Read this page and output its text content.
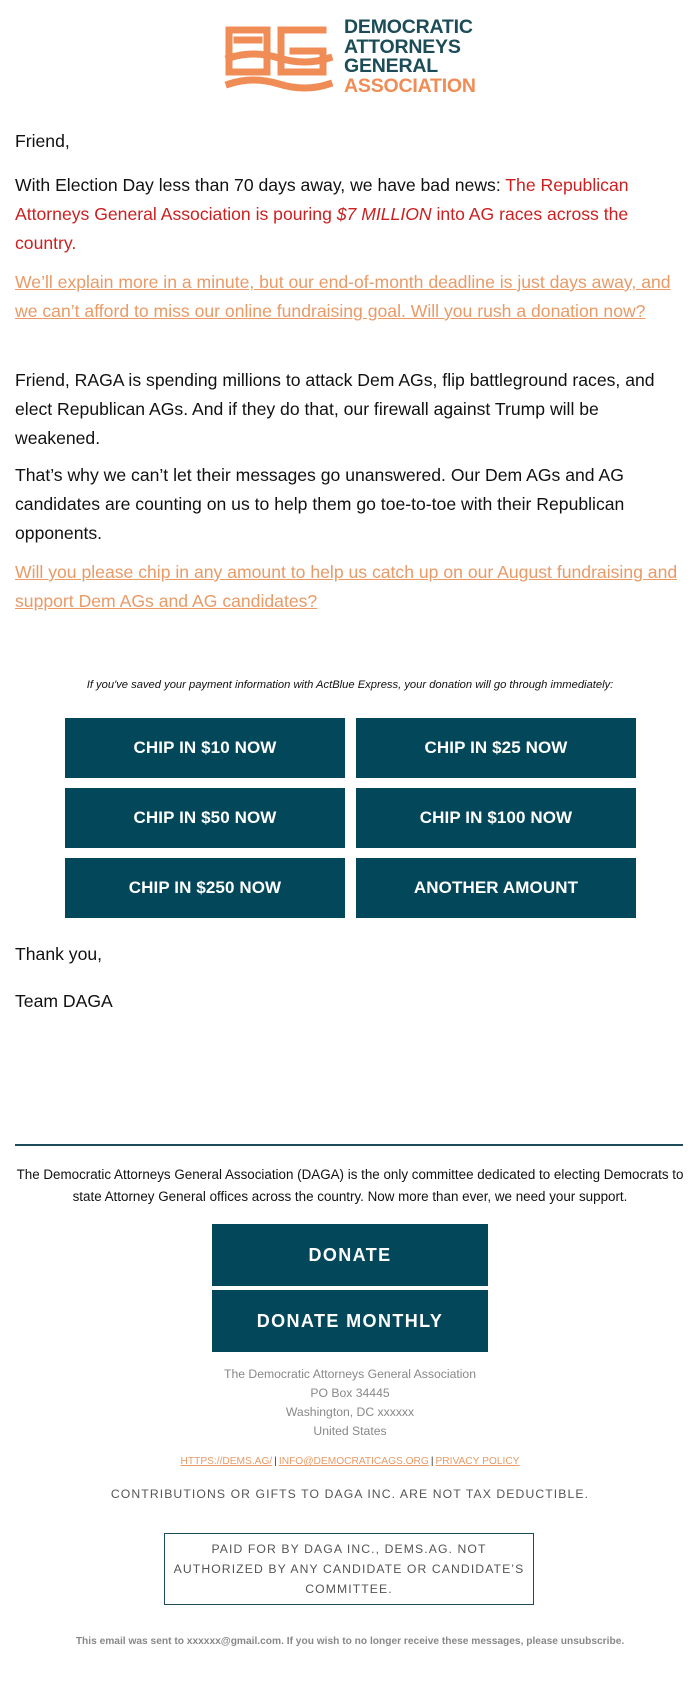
DEMOCRATIC
ATTORNEYS
GENERAL
ASSOCIATION

Friend,

With Election Day less than 70 days away, we have bad news: The Republican Attorneys General Association is pouring $7 MILLION into AG races across the country.

We’ll explain more in a minute, but our end-of-month deadline is just days away, and we can’t afford to miss our online fundraising goal. Will you rush a donation now?

Friend, RAGA is spending millions to attack Dem AGs, flip battleground races, and elect Republican AGs. And if they do that, our firewall against Trump will be weakened.

That’s why we can’t let their messages go unanswered. Our Dem AGs and AG candidates are counting on us to help them go toe-to-toe with their Republican opponents.

Will you please chip in any amount to help us catch up on our August fundraising and support Dem AGs and AG candidates?

If you've saved your payment information with ActBlue Express, your donation will go through immediately:
CHIP IN $10 NOW	CHIP IN $25 NOW
CHIP IN $50 NOW	CHIP IN $100 NOW
CHIP IN $250 NOW	ANOTHER AMOUNT

Thank you,

Team DAGA

The Democratic Attorneys General Association (DAGA) is the only committee dedicated to electing Democrats to state Attorney General offices across the country. Now more than ever, we need your support.

DONATE
DONATE MONTHLY
The Democratic Attorneys General Association
PO Box 34445
Washington, DC xxxxxx
United States
HTTPS://DEMS.AG/ | INFO@DEMOCRATICAGS.ORG | PRIVACY POLICY
CONTRIBUTIONS OR GIFTS TO DAGA INC. ARE NOT TAX DEDUCTIBLE.
PAID FOR BY DAGA INC., DEMS.AG. NOT AUTHORIZED BY ANY CANDIDATE OR CANDIDATE’S COMMITTEE.
This email was sent to xxxxxx@gmail.com. If you wish to no longer receive these messages, please unsubscribe.
